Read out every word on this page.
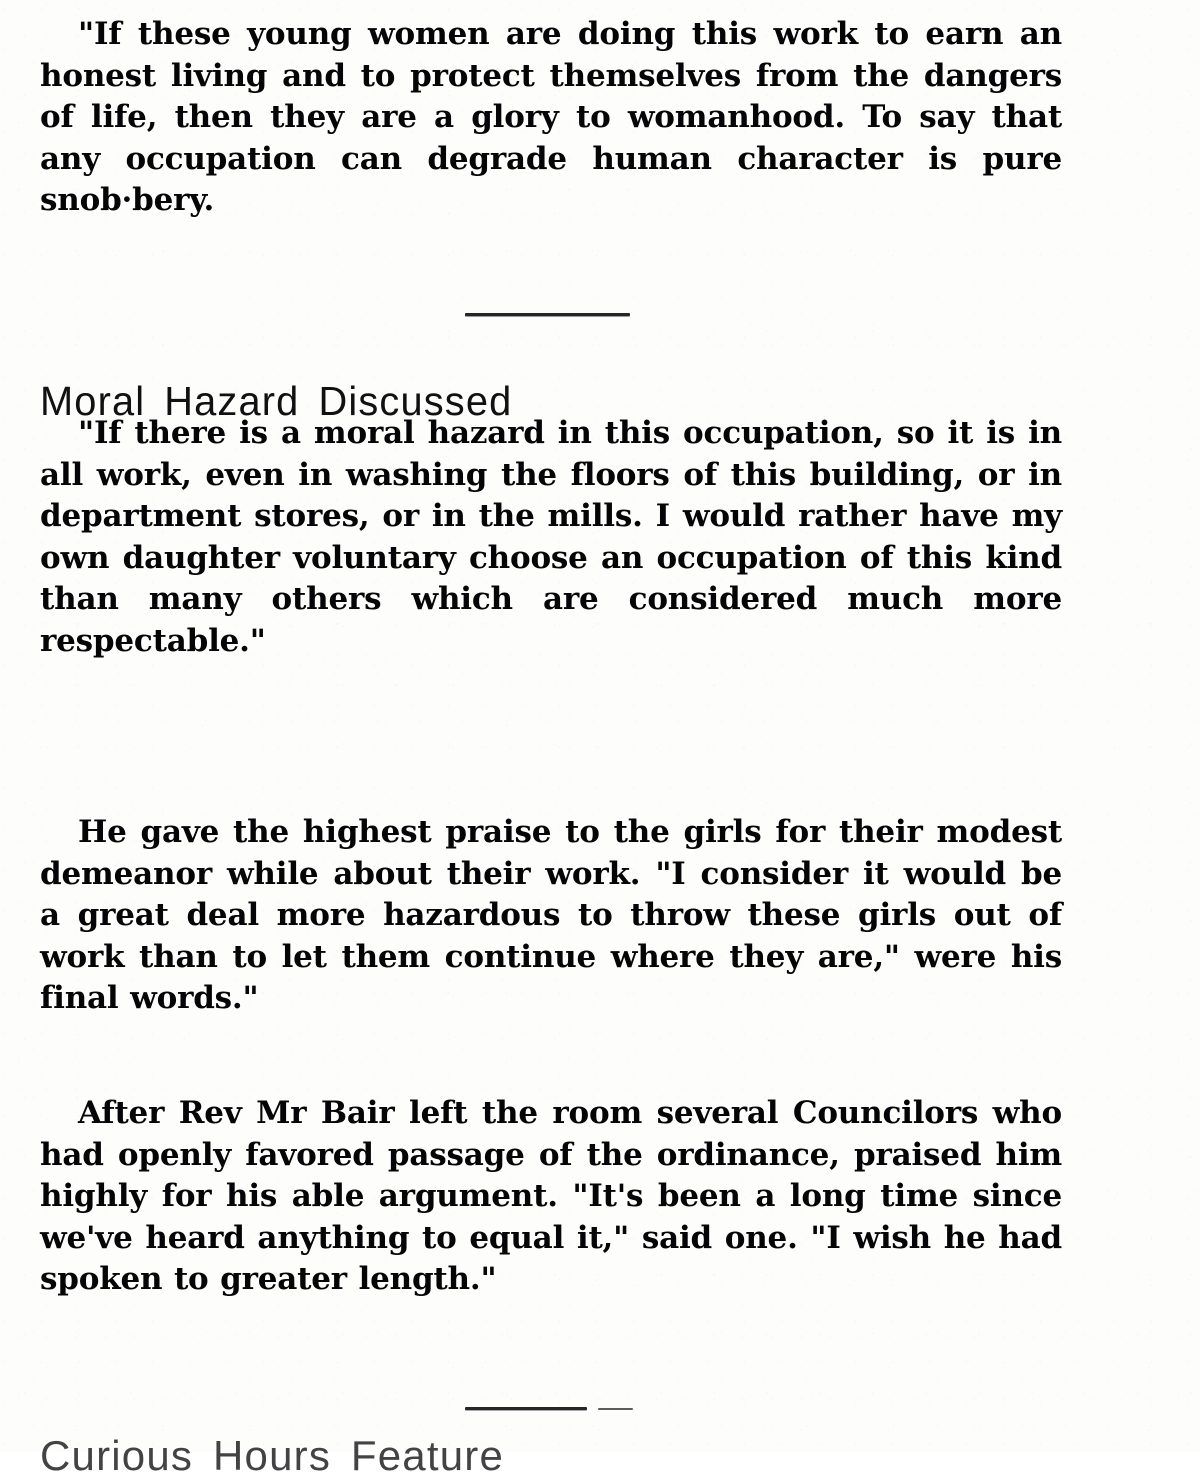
"If these young women are doing this work to earn an honest living and to protect themselves from the dangers of life, then they are a glory to womanhood. To say that any occupation can degrade human character is pure snob·bery.

Moral Hazard Discussed

"If there is a moral hazard in this occupation, so it is in all work, even in washing the floors of this building, or in department stores, or in the mills. I would rather have my own daughter voluntary choose an occupation of this kind than many others which are considered much more respectable."

He gave the highest praise to the girls for their modest demeanor while about their work. "I consider it would be a great deal more hazardous to throw these girls out of work than to let them continue where they are," were his final words."

After Rev Mr Bair left the room several Councilors who had openly favored passage of the ordinance, praised him highly for his able argument. "It's been a long time since we've heard anything to equal it," said one. "I wish he had spoken to greater length."

Curious Hours Feature
